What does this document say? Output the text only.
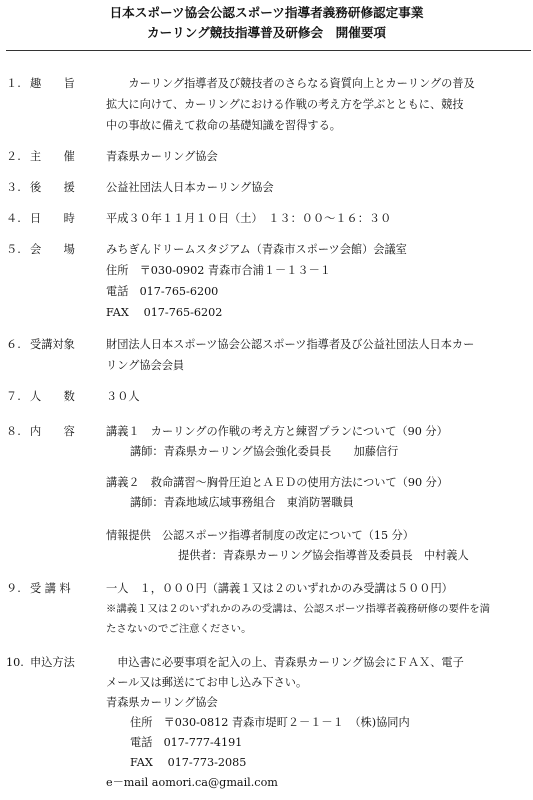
日本スポーツ協会公認スポーツ指導者義務研修認定事業
カーリング競技指導普及研修会　開催要項
１. 趣　　旨	　　カーリング指導者及び競技者のさらなる資質向上とカーリングの普及
拡大に向けて、カーリングにおける作戦の考え方を学ぶとともに、競技
中の事故に備えて救命の基礎知識を習得する。
２. 主　　催	青森県カーリング協会
３. 後　　援	公益社団法人日本カーリング協会
４. 日　　時	平成３０年１１月１０日（土）　１３：００～１６：３０
５. 会　　場	みちぎんドリームスタジアム（青森市スポーツ会館）会議室
住所　〒030-0902 青森市合浦１－１３－１
電話　017-765-6200
FAX　 017-765-6202
６. 受講対象	財団法人日本スポーツ協会公認スポーツ指導者及び公益社団法人日本カー
リング協会会員
７. 人　　数	３０人
８. 内　　容	講義１　カーリングの作戦の考え方と練習プランについて（90 分）
講師：青森県カーリング協会強化委員長　　加藤信行
講義２　救命講習～胸骨圧迫とＡＥＤの使用方法について（90 分）
講師：青森地域広域事務組合　東消防署職員
情報提供　公認スポーツ指導者制度の改定について（15 分）
提供者：青森県カーリング協会指導普及委員長　中村義人
９. 受 講 料	一人　１，０００円（講義１又は２のいずれかのみ受講は５００円）
※講義１又は２のいずれかのみの受講は、公認スポーツ指導者義務研修の要件を満
たさないのでご注意ください。
10. 申込方法	　申込書に必要事項を記入の上、青森県カーリング協会にＦＡＸ、電子
メール又は郵送にてお申し込み下さい。
青森県カーリング協会
住所　〒030-0812 青森市堤町２－１－１　（株)協同内
電話　017-777-4191
FAX　 017-773-2085
e－mail aomori.ca@gmail.com
